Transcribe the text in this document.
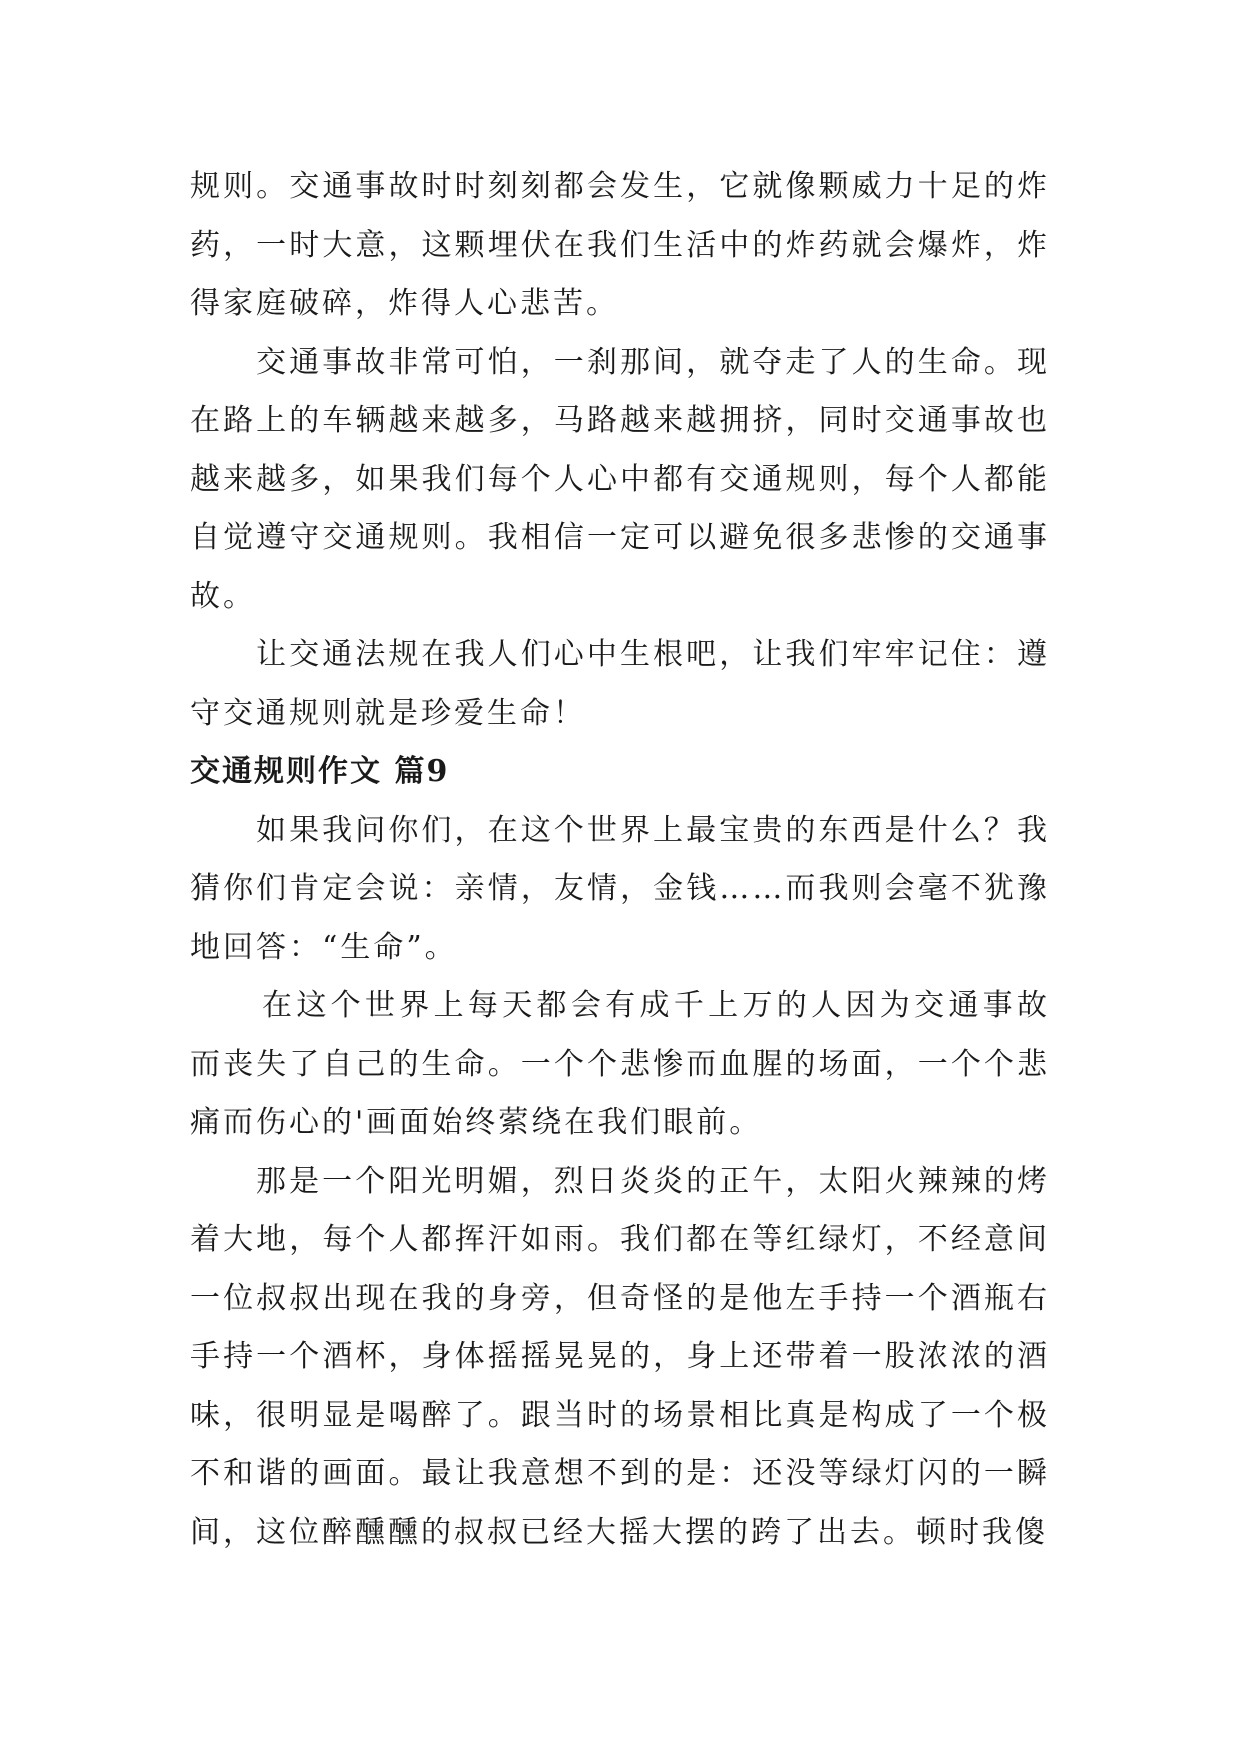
规则。交通事故时时刻刻都会发生，它就像颗威力十足的炸药，一时大意，这颗埋伏在我们生活中的炸药就会爆炸，炸得家庭破碎，炸得人心悲苦。

交通事故非常可怕，一刹那间，就夺走了人的生命。现在路上的车辆越来越多，马路越来越拥挤，同时交通事故也越来越多，如果我们每个人心中都有交通规则，每个人都能自觉遵守交通规则。我相信一定可以避免很多悲惨的交通事故。

让交通法规在我人们心中生根吧，让我们牢牢记住：遵守交通规则就是珍爱生命！

交通规则作文 篇9

如果我问你们，在这个世界上最宝贵的东西是什么？我猜你们肯定会说：亲情，友情，金钱……而我则会毫不犹豫地回答：“生命”。

在这个世界上每天都会有成千上万的人因为交通事故而丧失了自己的生命。一个个悲惨而血腥的场面，一个个悲痛而伤心的'画面始终萦绕在我们眼前。

那是一个阳光明媚，烈日炎炎的正午，太阳火辣辣的烤着大地，每个人都挥汗如雨。我们都在等红绿灯，不经意间一位叔叔出现在我的身旁，但奇怪的是他左手持一个酒瓶右手持一个酒杯，身体摇摇晃晃的，身上还带着一股浓浓的酒味，很明显是喝醉了。跟当时的场景相比真是构成了一个极不和谐的画面。最让我意想不到的是：还没等绿灯闪的一瞬间，这位醉醺醺的叔叔已经大摇大摆的跨了出去。顿时我傻
